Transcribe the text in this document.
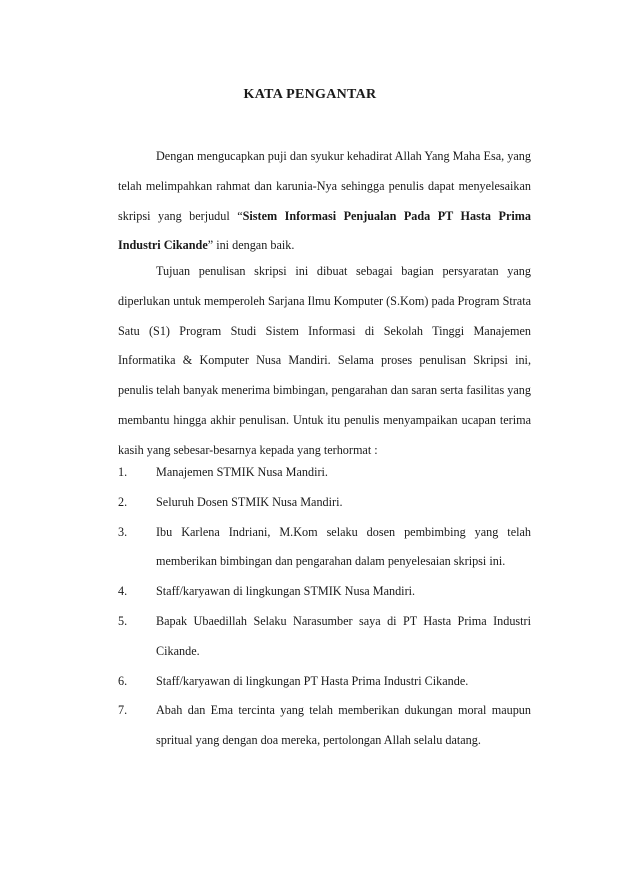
KATA PENGANTAR

Dengan mengucapkan puji dan syukur kehadirat Allah Yang Maha Esa, yang telah melimpahkan rahmat dan karunia-Nya sehingga penulis dapat menyelesaikan skripsi yang berjudul “Sistem Informasi Penjualan Pada PT Hasta Prima Industri Cikande” ini dengan baik.

Tujuan penulisan skripsi ini dibuat sebagai bagian persyaratan yang diperlukan untuk memperoleh Sarjana Ilmu Komputer (S.Kom) pada Program Strata Satu (S1) Program Studi Sistem Informasi di Sekolah Tinggi Manajemen Informatika & Komputer Nusa Mandiri. Selama proses penulisan Skripsi ini, penulis telah banyak menerima bimbingan, pengarahan dan saran serta fasilitas yang membantu hingga akhir penulisan. Untuk itu penulis menyampaikan ucapan terima kasih yang sebesar-besarnya kepada yang terhormat :

1. Manajemen STMIK Nusa Mandiri.
2. Seluruh Dosen STMIK Nusa Mandiri.
3. Ibu Karlena Indriani, M.Kom selaku dosen pembimbing yang telah memberikan bimbingan dan pengarahan dalam penyelesaian skripsi ini.
4. Staff/karyawan di lingkungan STMIK Nusa Mandiri.
5. Bapak Ubaedillah Selaku Narasumber saya di PT Hasta Prima Industri Cikande.
6. Staff/karyawan di lingkungan PT Hasta Prima Industri Cikande.
7. Abah dan Ema tercinta yang telah memberikan dukungan moral maupun spritual yang dengan doa mereka, pertolongan Allah selalu datang.
